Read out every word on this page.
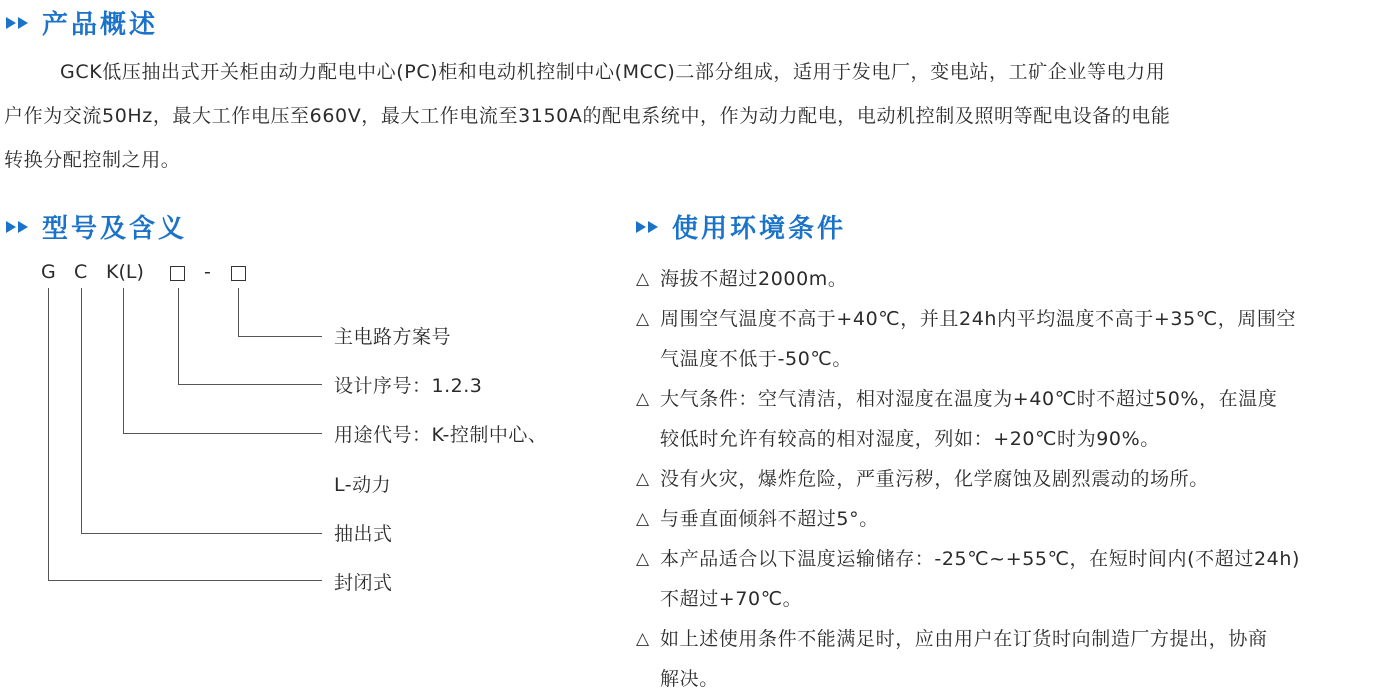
产品概述

GCK低压抽出式开关柜由动力配电中心(PC)柜和电动机控制中心(MCC)二部分组成，适用于发电厂，变电站，工矿企业等电力用

户作为交流50Hz，最大工作电压至660V，最大工作电流至3150A的配电系统中，作为动力配电，电动机控制及照明等配电设备的电能

转换分配控制之用。

型号及含义
G C K(L)	-
主电路方案号
设计序号：1.2.3
用途代号：K-控制中心、
L-动力
抽出式
封闭式
使用环境条件
△ 海拔不超过2000m。
△ 周围空气温度不高于+40℃，并且24h内平均温度不高于+35℃，周围空
气温度不低于-50℃。
△ 大气条件：空气清洁，相对湿度在温度为+40℃时不超过50%，在温度
较低时允许有较高的相对湿度，列如：+20℃时为90%。
△ 没有火灾，爆炸危险，严重污秽，化学腐蚀及剧烈震动的场所。
△ 与垂直面倾斜不超过5°。
△ 本产品适合以下温度运输储存：-25℃~+55℃，在短时间内(不超过24h)
不超过+70℃。
△ 如上述使用条件不能满足时，应由用户在订货时向制造厂方提出，协商
解决。
